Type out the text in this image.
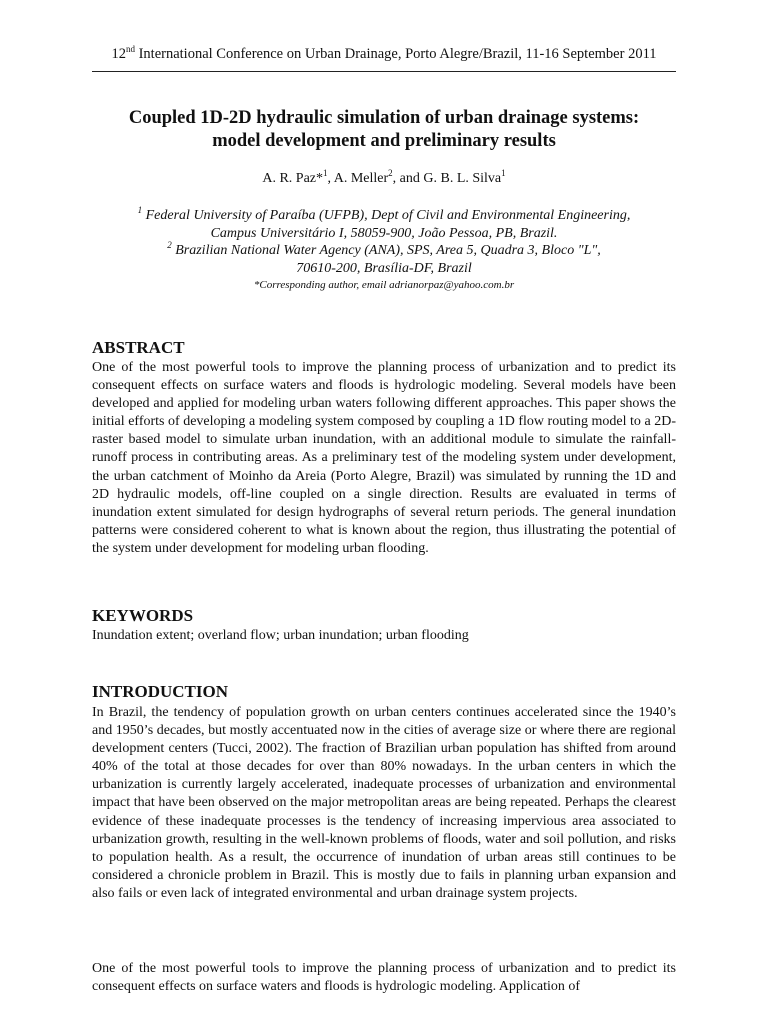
12nd International Conference on Urban Drainage, Porto Alegre/Brazil, 11-16 September 2011
Coupled 1D-2D hydraulic simulation of urban drainage systems:
model development and preliminary results
A. R. Paz*$^1$, A. Meller$^2$, and G. B. L. Silva$^1$
$^1$ Federal University of Paraíba (UFPB), Dept of Civil and Environmental Engineering,
Campus Universitário I, 58059-900, João Pessoa, PB, Brazil.
$^2$ Brazilian National Water Agency (ANA), SPS, Area 5, Quadra 3, Bloco "L",
70610-200, Brasília-DF, Brazil
*Corresponding author, email adrianorpaz@yahoo.com.br
ABSTRACT

One of the most powerful tools to improve the planning process of urbanization and to predict its consequent effects on surface waters and floods is hydrologic modeling. Several models have been developed and applied for modeling urban waters following different approaches. This paper shows the initial efforts of developing a modeling system composed by coupling a 1D flow routing model to a 2D-raster based model to simulate urban inundation, with an additional module to simulate the rainfall-runoff process in contributing areas. As a preliminary test of the modeling system under development, the urban catchment of Moinho da Areia (Porto Alegre, Brazil) was simulated by running the 1D and 2D hydraulic models, off-line coupled on a single direction. Results are evaluated in terms of inundation extent simulated for design hydrographs of several return periods. The general inundation patterns were considered coherent to what is known about the region, thus illustrating the potential of the system under development for modeling urban flooding.

KEYWORDS

Inundation extent; overland flow; urban inundation; urban flooding

INTRODUCTION

In Brazil, the tendency of population growth on urban centers continues accelerated since the 1940’s and 1950’s decades, but mostly accentuated now in the cities of average size or where there are regional development centers (Tucci, 2002). The fraction of Brazilian urban population has shifted from around 40% of the total at those decades for over than 80% nowadays. In the urban centers in which the urbanization is currently largely accelerated, inadequate processes of urbanization and environmental impact that have been observed on the major metropolitan areas are being repeated. Perhaps the clearest evidence of these inadequate processes is the tendency of increasing impervious area associated to urbanization growth, resulting in the well-known problems of floods, water and soil pollution, and risks to population health. As a result, the occurrence of inundation of urban areas still continues to be considered a chronicle problem in Brazil. This is mostly due to fails in planning urban expansion and also fails or even lack of integrated environmental and urban drainage system projects.

One of the most powerful tools to improve the planning process of urbanization and to predict its consequent effects on surface waters and floods is hydrologic modeling. Application of
